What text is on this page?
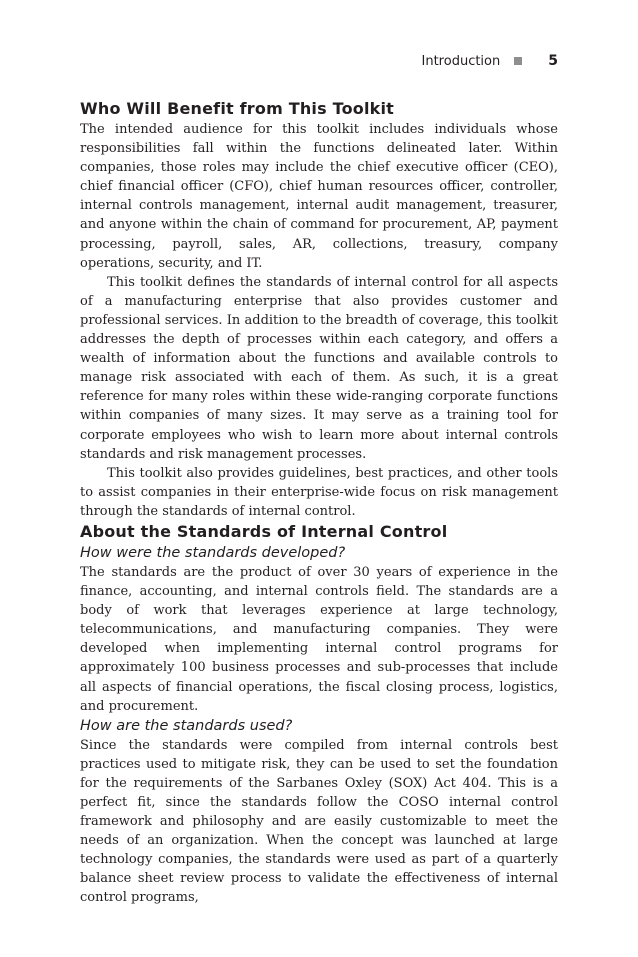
Introduction	5
Who Will Benefit from This Toolkit

The intended audience for this toolkit includes individuals whose responsibilities fall within the functions delineated later. Within companies, those roles may include the chief executive officer (CEO), chief financial officer (CFO), chief human resources officer, controller, internal controls management, internal audit management, treasurer, and anyone within the chain of command for procurement, AP, payment processing, payroll, sales, AR, collections, treasury, company operations, security, and IT.

This toolkit defines the standards of internal control for all aspects of a manufacturing enterprise that also provides customer and professional services. In addition to the breadth of coverage, this toolkit addresses the depth of processes within each category, and offers a wealth of information about the functions and available controls to manage risk associated with each of them. As such, it is a great reference for many roles within these wide-ranging corporate functions within companies of many sizes. It may serve as a training tool for corporate employees who wish to learn more about internal controls standards and risk management processes.

This toolkit also provides guidelines, best practices, and other tools to assist companies in their enterprise-wide focus on risk management through the standards of internal control.

About the Standards of Internal Control
How were the standards developed?

The standards are the product of over 30 years of experience in the finance, accounting, and internal controls field. The standards are a body of work that leverages experience at large technology, telecommunications, and manufacturing companies. They were developed when implementing internal control programs for approximately 100 business processes and sub-processes that include all aspects of financial operations, the fiscal closing process, logistics, and procurement.

How are the standards used?

Since the standards were compiled from internal controls best practices used to mitigate risk, they can be used to set the foundation for the requirements of the Sarbanes Oxley (SOX) Act 404. This is a perfect fit, since the standards follow the COSO internal control framework and philosophy and are easily customizable to meet the needs of an organization. When the concept was launched at large technology companies, the standards were used as part of a quarterly balance sheet review process to validate the effectiveness of internal control programs,
